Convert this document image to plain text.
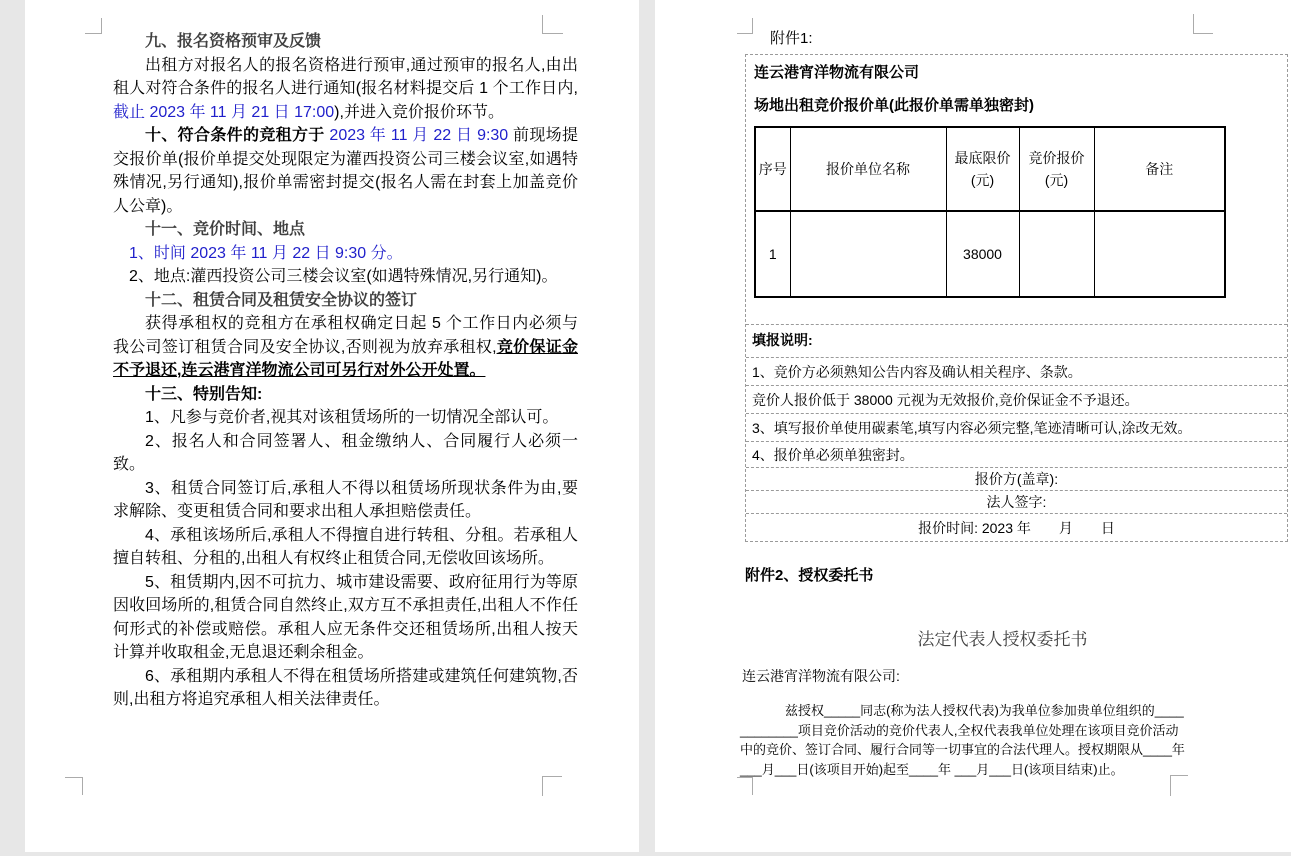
九、报名资格预审及反馈

出租方对报名人的报名资格进行预审,通过预审的报名人,由出租人对符合条件的报名人进行通知(报名材料提交后 1 个工作日内,截止 2023 年 11 月 21 日 17:00),并进入竞价报价环节。

十、符合条件的竞租方于 2023 年 11 月 22 日 9:30 前现场提交报价单(报价单提交处现限定为灌西投资公司三楼会议室,如遇特殊情况,另行通知),报价单需密封提交(报名人需在封套上加盖竞价人公章)。

十一、竞价时间、地点

1、时间 2023 年 11 月 22 日 9:30 分。

2、地点:灌西投资公司三楼会议室(如遇特殊情况,另行通知)。

十二、租赁合同及租赁安全协议的签订

获得承租权的竞租方在承租权确定日起 5 个工作日内必须与我公司签订租赁合同及安全协议,否则视为放弃承租权,竞价保证金不予退还,连云港宵洋物流公司可另行对外公开处置。

十三、特别告知:

1、凡参与竞价者,视其对该租赁场所的一切情况全部认可。

2、报名人和合同签署人、租金缴纳人、合同履行人必须一致。

3、租赁合同签订后,承租人不得以租赁场所现状条件为由,要求解除、变更租赁合同和要求出租人承担赔偿责任。

4、承租该场所后,承租人不得擅自进行转租、分租。若承租人擅自转租、分租的,出租人有权终止租赁合同,无偿收回该场所。

5、租赁期内,因不可抗力、城市建设需要、政府征用行为等原因收回场所的,租赁合同自然终止,双方互不承担责任,出租人不作任何形式的补偿或赔偿。承租人应无条件交还租赁场所,出租人按天计算并收取租金,无息退还剩余租金。

6、承租期内承租人不得在租赁场所搭建或建筑任何建筑物,否则,出租方将追究承租人相关法律责任。

附件1:
连云港宵洋物流有限公司
场地出租竞价报价单(此报价单需单独密封)
序号	报价单位名称	最底限价(元)	竞价报价(元)	备注
1		38000		
填报说明:
1、竞价方必须熟知公告内容及确认相关程序、条款。
竞价人报价低于 38000 元视为无效报价,竞价保证金不予退还。
3、填写报价单使用碳素笔,填写内容必须完整,笔迹清晰可认,涂改无效。
4、报价单必须单独密封。
报价方(盖章):
法人签字:
报价时间: 2023 年　　月　　日
附件2、授权委托书
法定代表人授权委托书
连云港宵洋物流有限公司:
兹授权_____同志(称为法人授权代表)为我单位参加贵单位组织的____________项目竞价活动的竞价代表人,全权代表我单位处理在该项目竞价活动中的竞价、签订合同、履行合同等一切事宜的合法代理人。授权期限从____年___月___日(该项目开始)起至____年 ___月___日(该项目结束)止。
